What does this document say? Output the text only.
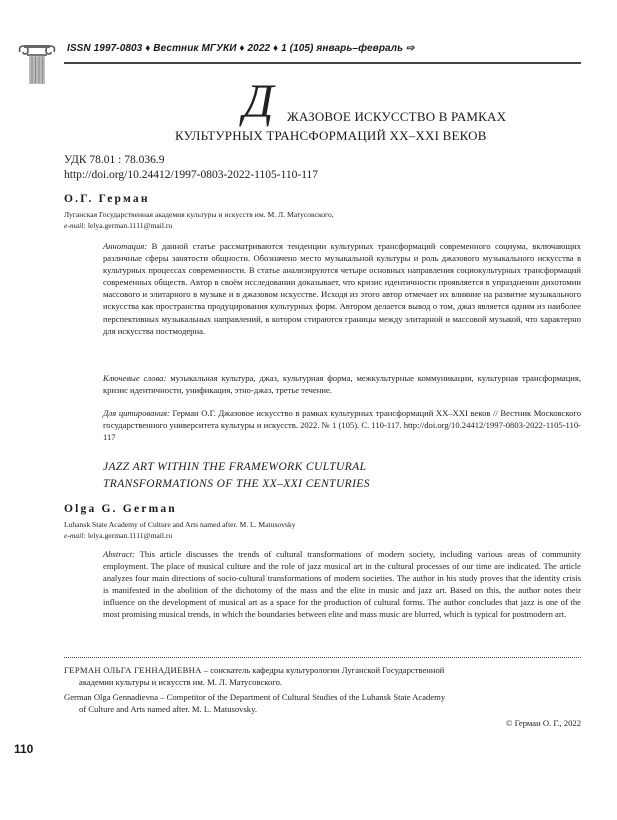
ISSN 1997-0803 ♦ Вестник МГУКИ ♦ 2022 ♦ 1 (105) январь–февраль ⇨
Д ЖАЗОВОЕ ИСКУССТВО В РАМКАХ
КУЛЬТУРНЫХ ТРАНСФОРМАЦИЙ XX–XXI ВЕКОВ
УДК 78.01 : 78.036.9
http://doi.org/10.24412/1997-0803-2022-1105-110-117
О.Г. Герман
Луганская Государственная академия культуры и искусств им. М. Л. Матусовского,
e-mail: lelya.german.1111@mail.ru
Аннотация: В данной статье рассматриваются тенденции культурных трансформаций современного социума, включающих различные сферы занятости общности. Обозначено место музыкальной культуры и роль джазового музыкального искусства в культурных процессах современности. В статье анализируются четыре основных направления социокультурных трансформаций современных обществ. Автор в своём исследовании доказывает, что кризис идентичности проявляется в упразднении дихотомии массового и элитарного в музыке и в джазовом искусстве. Исходя из этого автор отмечает их влияние на развитие музыкального искусства как пространства продуцирования культурных форм. Автором делается вывод о том, джаз является одним из наиболее перспективных музыкальных направлений, в котором стираются границы между элитарной и массовой музыкой, что характерно для искусства постмодерна.
Ключевые слова: музыкальная культура, джаз, культурная форма, межкультурные коммуникации, культурная трансформация, кризис идентичности, унификация, этно-джаз, третье течение.
Для цитирования: Герман О.Г. Джазовое искусство в рамках культурных трансформаций XX–XXI веков // Вестник Московского государственного университета культуры и искусств. 2022. № 1 (105). С. 110-117. http://doi.org/10.24412/1997-0803-2022-1105-110-117
JAZZ ART WITHIN THE FRAMEWORK CULTURAL
TRANSFORMATIONS OF THE XX–XXI CENTURIES
Olga G. German
Luhansk State Academy of Culture and Arts named after. M. L. Matusovsky
e-mail: lelya.german.1111@mail.ru
Abstract: This article discusses the trends of cultural transformations of modern society, including various areas of community employment. The place of musical culture and the role of jazz musical art in the cultural processes of our time are indicated. The article analyzes four main directions of socio-cultural transformations of modern societies. The author in his study proves that the identity crisis is manifested in the abolition of the dichotomy of the mass and the elite in music and jazz art. Based on this, the author notes their influence on the development of musical art as a space for the production of cultural forms. The author concludes that jazz is one of the most promising musical trends, in which the boundaries between elite and mass music are blurred, which is typical for postmodern art.
ГЕРМАН ОЛЬГА ГЕННАДИЕВНА – соискатель кафедры культурологии Луганской Государственной
академии культуры и искусств им. М. Л. Матусовского.
German Olga Gennadievna – Competitor of the Department of Cultural Studies of the Luhansk State Academy
of Culture and Arts named after. M. L. Matusovsky.
© Герман О. Г., 2022
110
